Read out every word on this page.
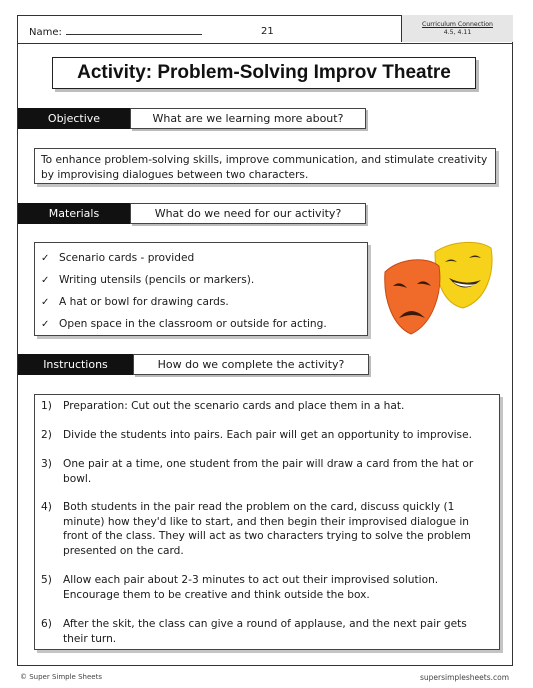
Name:	21
Curriculum Connection
4.5, 4.11
Activity: Problem-Solving Improv Theatre
Objective	What are we learning more about?
To enhance problem-solving skills, improve communication, and stimulate creativity by improvising dialogues between two characters.
Materials	What do we need for our activity?
✓ Scenario cards - provided
✓ Writing utensils (pencils or markers).
✓ A hat or bowl for drawing cards.
✓ Open space in the classroom or outside for acting.
Instructions	How do we complete the activity?
1)	Preparation: Cut out the scenario cards and place them in a hat.
2)	Divide the students into pairs. Each pair will get an opportunity to improvise.
3)	One pair at a time, one student from the pair will draw a card from the hat or bowl.
4)	Both students in the pair read the problem on the card, discuss quickly (1 minute) how they'd like to start, and then begin their improvised dialogue in front of the class. They will act as two characters trying to solve the problem presented on the card.
5)	Allow each pair about 2-3 minutes to act out their improvised solution. Encourage them to be creative and think outside the box.
6)	After the skit, the class can give a round of applause, and the next pair gets their turn.
© Super Simple Sheets	supersimplesheets.com
